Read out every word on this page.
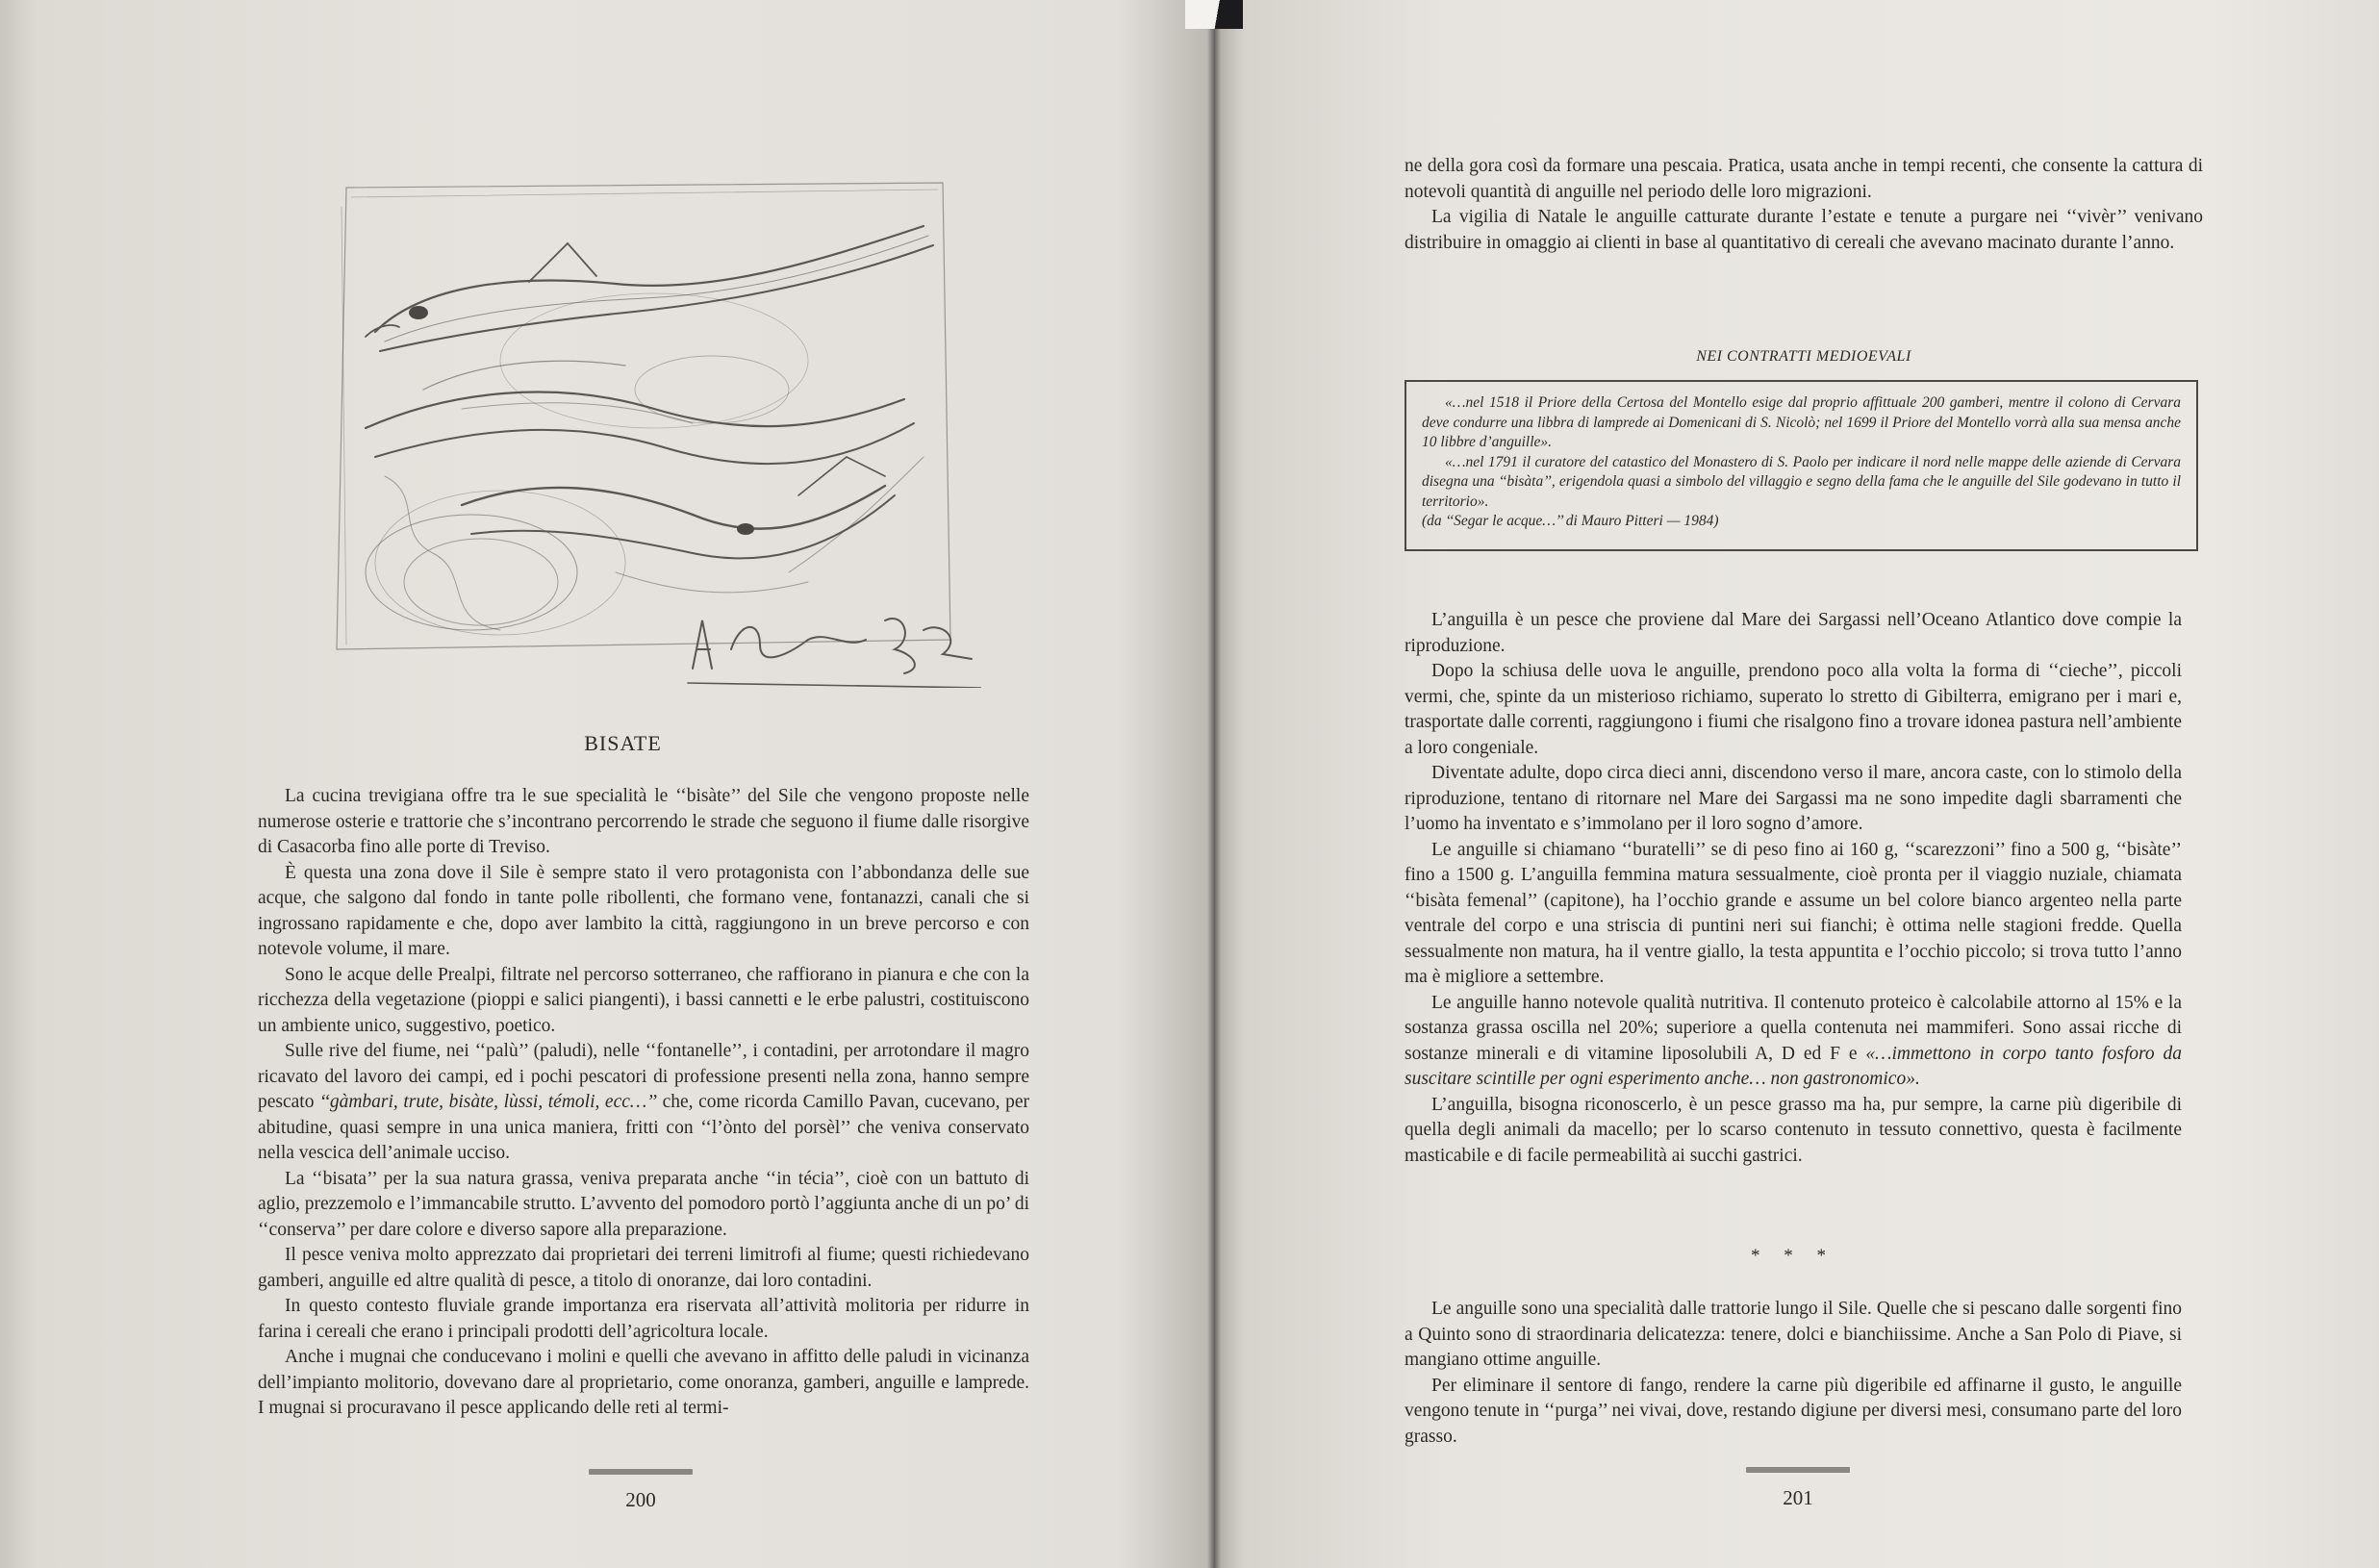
BISATE

La cucina trevigiana offre tra le sue specialità le ‘‘bisàte’’ del Sile che vengono proposte nelle numerose osterie e trattorie che s’incontrano percorrendo le strade che seguono il fiume dalle risorgive di Casacorba fino alle porte di Treviso.

È questa una zona dove il Sile è sempre stato il vero protagonista con l’abbondanza delle sue acque, che salgono dal fondo in tante polle ribollenti, che formano vene, fontanazzi, canali che si ingrossano rapidamente e che, dopo aver lambito la città, raggiungono in un breve percorso e con notevole volume, il mare.

Sono le acque delle Prealpi, filtrate nel percorso sotterraneo, che raffiorano in pianura e che con la ricchezza della vegetazione (pioppi e salici piangenti), i bassi cannetti e le erbe palustri, costituiscono un ambiente unico, suggestivo, poetico.

Sulle rive del fiume, nei ‘‘palù’’ (paludi), nelle ‘‘fontanelle’’, i contadini, per arrotondare il magro ricavato del lavoro dei campi, ed i pochi pescatori di professione presenti nella zona, hanno sempre pescato ‘‘gàmbari, trute, bisàte, lùssi, témoli, ecc…’’ che, come ricorda Camillo Pavan, cucevano, per abitudine, quasi sempre in una unica maniera, fritti con ‘‘l’ònto del porsèl’’ che veniva conservato nella vescica dell’animale ucciso.

La ‘‘bisata’’ per la sua natura grassa, veniva preparata anche ‘‘in técia’’, cioè con un battuto di aglio, prezzemolo e l’immancabile strutto. L’avvento del pomodoro portò l’aggiunta anche di un po’ di ‘‘conserva’’ per dare colore e diverso sapore alla preparazione.

Il pesce veniva molto apprezzato dai proprietari dei terreni limitrofi al fiume; questi richiedevano gamberi, anguille ed altre qualità di pesce, a titolo di onoranze, dai loro contadini.

In questo contesto fluviale grande importanza era riservata all’attività molitoria per ridurre in farina i cereali che erano i principali prodotti dell’agricoltura locale.

Anche i mugnai che conducevano i molini e quelli che avevano in affitto delle paludi in vicinanza dell’impianto molitorio, dovevano dare al proprietario, come onoranza, gamberi, anguille e lamprede. I mugnai si procuravano il pesce applicando delle reti al termi-

200

ne della gora così da formare una pescaia. Pratica, usata anche in tempi recenti, che consente la cattura di notevoli quantità di anguille nel periodo delle loro migrazioni.

La vigilia di Natale le anguille catturate durante l’estate e tenute a purgare nei ‘‘vivèr’’ venivano distribuire in omaggio ai clienti in base al quantitativo di cereali che avevano macinato durante l’anno.

NEI CONTRATTI MEDIOEVALI

«…nel 1518 il Priore della Certosa del Montello esige dal proprio affittuale 200 gamberi, mentre il colono di Cervara deve condurre una libbra di lamprede ai Domenicani di S. Nicolò; nel 1699 il Priore del Montello vorrà alla sua mensa anche 10 libbre d’anguille».

«…nel 1791 il curatore del catastico del Monastero di S. Paolo per indicare il nord nelle mappe delle aziende di Cervara disegna una ‘‘bisàta’’, erigendola quasi a simbolo del villaggio e segno della fama che le anguille del Sile godevano in tutto il territorio».

(da ‘‘Segar le acque…’’ di Mauro Pitteri — 1984)

L’anguilla è un pesce che proviene dal Mare dei Sargassi nell’Oceano Atlantico dove compie la riproduzione.

Dopo la schiusa delle uova le anguille, prendono poco alla volta la forma di ‘‘cieche’’, piccoli vermi, che, spinte da un misterioso richiamo, superato lo stretto di Gibilterra, emigrano per i mari e, trasportate dalle correnti, raggiungono i fiumi che risalgono fino a trovare idonea pastura nell’ambiente a loro congeniale.

Diventate adulte, dopo circa dieci anni, discendono verso il mare, ancora caste, con lo stimolo della riproduzione, tentano di ritornare nel Mare dei Sargassi ma ne sono impedite dagli sbarramenti che l’uomo ha inventato e s’immolano per il loro sogno d’amore.

Le anguille si chiamano ‘‘buratelli’’ se di peso fino ai 160 g, ‘‘scarezzoni’’ fino a 500 g, ‘‘bisàte’’ fino a 1500 g. L’anguilla femmina matura sessualmente, cioè pronta per il viaggio nuziale, chiamata ‘‘bisàta femenal’’ (capitone), ha l’occhio grande e assume un bel colore bianco argenteo nella parte ventrale del corpo e una striscia di puntini neri sui fianchi; è ottima nelle stagioni fredde. Quella sessualmente non matura, ha il ventre giallo, la testa appuntita e l’occhio piccolo; si trova tutto l’anno ma è migliore a settembre.

Le anguille hanno notevole qualità nutritiva. Il contenuto proteico è calcolabile attorno al 15% e la sostanza grassa oscilla nel 20%; superiore a quella contenuta nei mammiferi. Sono assai ricche di sostanze minerali e di vitamine liposolubili A, D ed F e «…immettono in corpo tanto fosforo da suscitare scintille per ogni esperimento anche… non gastronomico».

L’anguilla, bisogna riconoscerlo, è un pesce grasso ma ha, pur sempre, la carne più digeribile di quella degli animali da macello; per lo scarso contenuto in tessuto connettivo, questa è facilmente masticabile e di facile permeabilità ai succhi gastrici.

* * *

Le anguille sono una specialità dalle trattorie lungo il Sile. Quelle che si pescano dalle sorgenti fino a Quinto sono di straordinaria delicatezza: tenere, dolci e bianchiissime. Anche a San Polo di Piave, si mangiano ottime anguille.

Per eliminare il sentore di fango, rendere la carne più digeribile ed affinarne il gusto, le anguille vengono tenute in ‘‘purga’’ nei vivai, dove, restando digiune per diversi mesi, consumano parte del loro grasso.

201
